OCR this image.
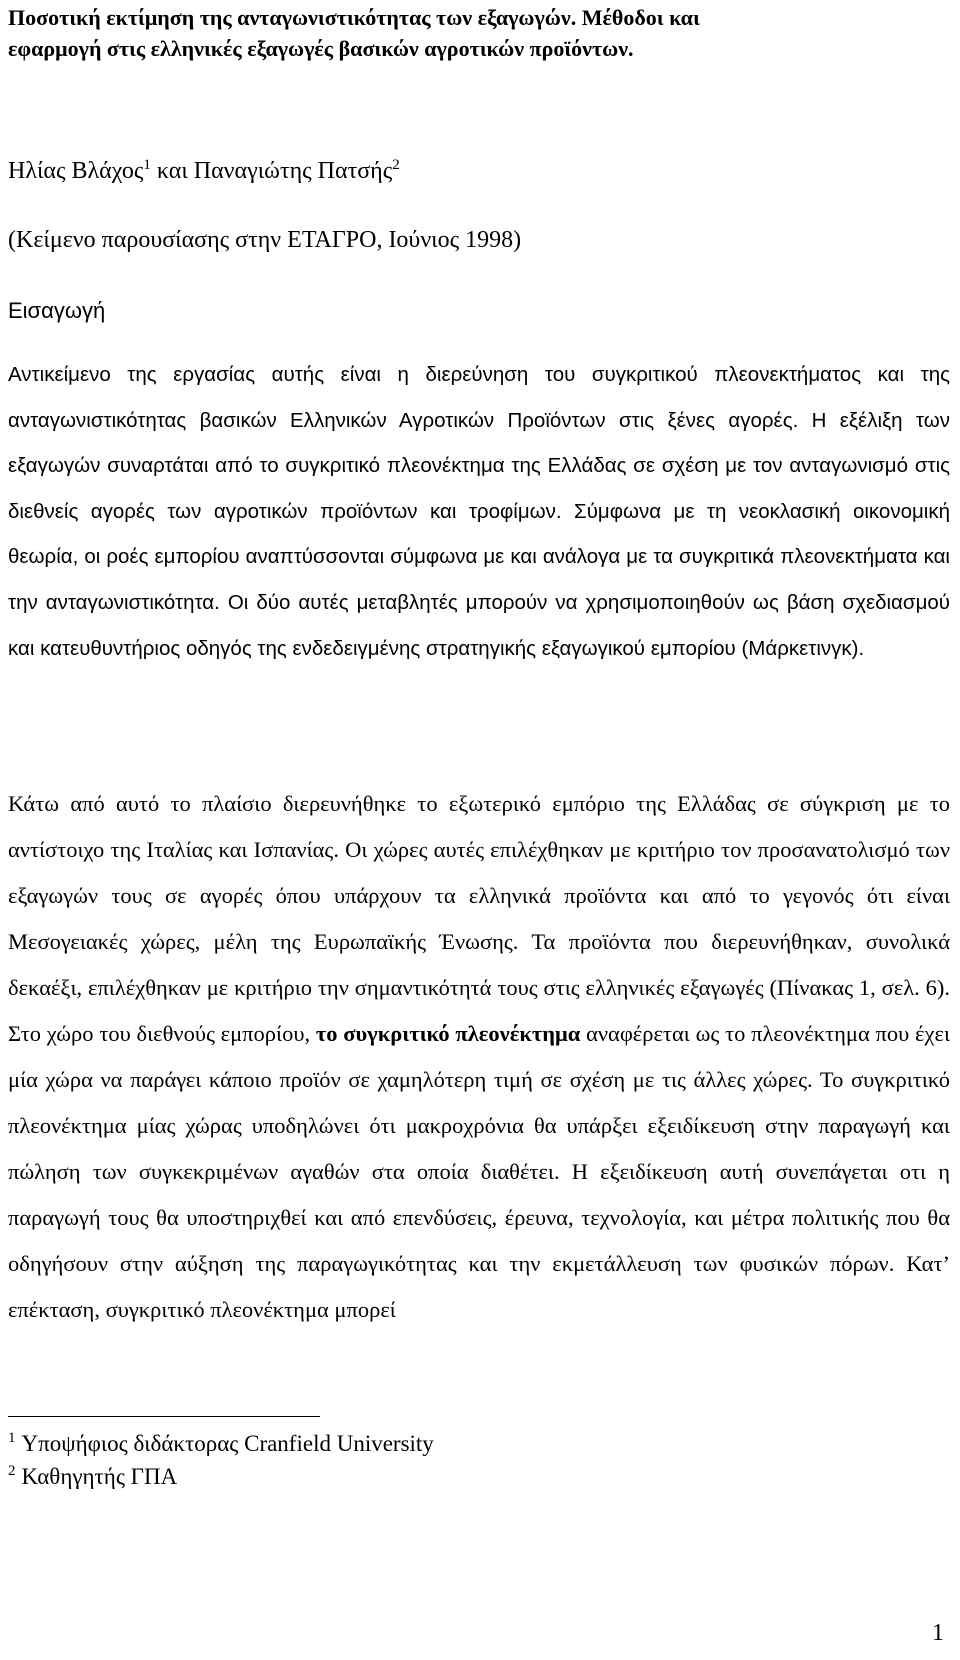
Ποσοτική εκτίμηση της ανταγωνιστικότητας των εξαγωγών. Μέθοδοι και
εφαρμογή στις ελληνικές εξαγωγές βασικών αγροτικών προϊόντων.
Ηλίας Βλάχος$^1$ και Παναγιώτης Πατσής$^2$
(Κείμενο παρουσίασης στην ΕΤΑΓΡΟ, Ιούνιος 1998)
Εισαγωγή

Αντικείμενο της εργασίας αυτής είναι η διερεύνηση του συγκριτικού πλεονεκτήματος και της ανταγωνιστικότητας βασικών Ελληνικών Αγροτικών Προϊόντων στις ξένες αγορές. Η εξέλιξη των εξαγωγών συναρτάται από το συγκριτικό πλεονέκτημα της Ελλάδας σε σχέση με τον ανταγωνισμό στις διεθνείς αγορές των αγροτικών προϊόντων και τροφίμων. Σύμφωνα με τη νεοκλασική οικονομική θεωρία, οι ροές εμπορίου αναπτύσσονται σύμφωνα με και ανάλογα με τα συγκριτικά πλεονεκτήματα και την ανταγωνιστικότητα. Οι δύο αυτές μεταβλητές μπορούν να χρησιμοποιηθούν ως βάση σχεδιασμού και κατευθυντήριος οδηγός της ενδεδειγμένης στρατηγικής εξαγωγικού εμπορίου (Μάρκετινγκ).

Κάτω από αυτό το πλαίσιο διερευνήθηκε το εξωτερικό εμπόριο της Ελλάδας σε σύγκριση με το αντίστοιχο της Ιταλίας και Ισπανίας. Οι χώρες αυτές επιλέχθηκαν με κριτήριο τον προσανατολισμό των εξαγωγών τους σε αγορές όπου υπάρχουν τα ελληνικά προϊόντα και από το γεγονός ότι είναι Μεσογειακές χώρες, μέλη της Ευρωπαϊκής Ένωσης. Τα προϊόντα που διερευνήθηκαν, συνολικά δεκαέξι, επιλέχθηκαν με κριτήριο την σημαντικότητά τους στις ελληνικές εξαγωγές (Πίνακας 1, σελ. 6). Στο χώρο του διεθνούς εμπορίου, το συγκριτικό πλεονέκτημα αναφέρεται ως το πλεονέκτημα που έχει μία χώρα να παράγει κάποιο προϊόν σε χαμηλότερη τιμή σε σχέση με τις άλλες χώρες. Το συγκριτικό πλεονέκτημα μίας χώρας υποδηλώνει ότι μακροχρόνια θα υπάρξει εξειδίκευση στην παραγωγή και πώληση των συγκεκριμένων αγαθών στα οποία διαθέτει. Η εξειδίκευση αυτή συνεπάγεται οτι η παραγωγή τους θα υποστηριχθεί και από επενδύσεις, έρευνα, τεχνολογία, και μέτρα πολιτικής που θα οδηγήσουν στην αύξηση της παραγωγικότητας και την εκμετάλλευση των φυσικών πόρων. Κατ’ επέκταση, συγκριτικό πλεονέκτημα μπορεί

$^1$ Υποψήφιος διδάκτορας Cranfield University
$^2$ Καθηγητής ΓΠΑ
1
